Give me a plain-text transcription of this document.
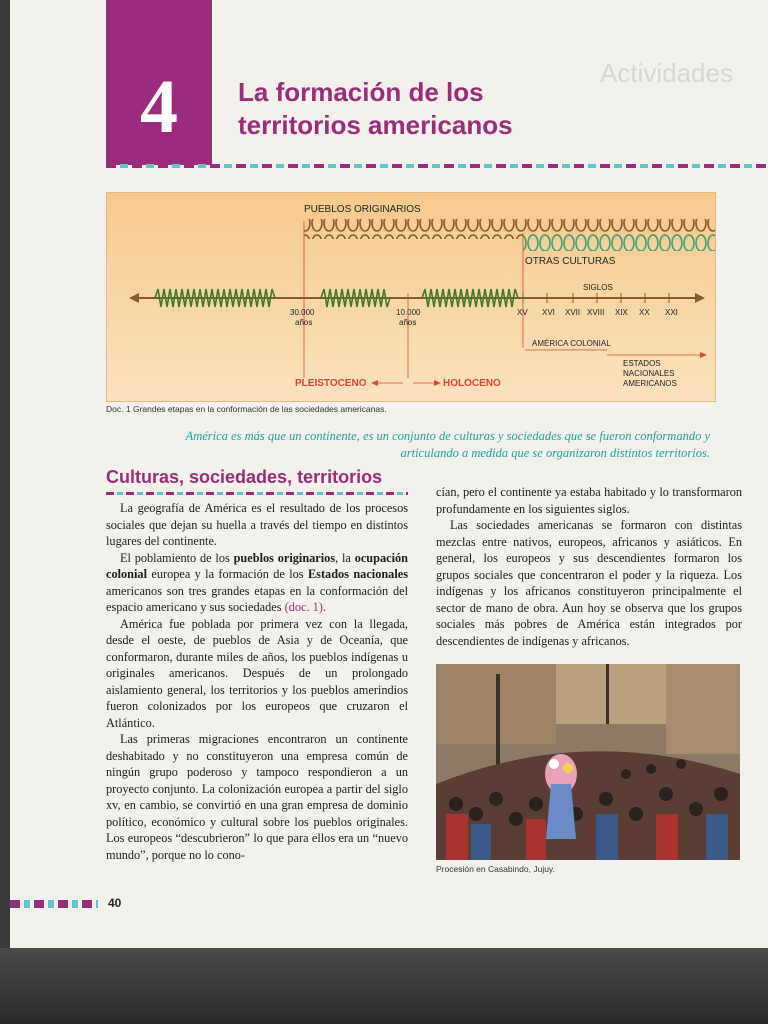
4	Actividades
La formación de los
territorios americanos
PUEBLOS ORIGINARIOS
OTRAS CULTURAS
SIGLOS
30.000
años
10.000
años
XV XVI XVII XVIII XIX XX XXI
AMÉRICA COLONIAL
ESTADOS
NACIONALES
AMERICANOS
PLEISTOCENO	HOLOCENO
Doc. 1 Grandes etapas en la conformación de las sociedades americanas.
América es más que un continente, es un conjunto de culturas y sociedades que se fueron conformando y
articulando a medida que se organizaron distintos territorios.
Culturas, sociedades, territorios

La geografía de América es el resultado de los procesos sociales que dejan su huella a través del tiempo en distintos lugares del continente.

El poblamiento de los pueblos originarios, la ocupación colonial europea y la formación de los Estados nacionales americanos son tres grandes etapas en la conformación del espacio americano y sus sociedades (doc. 1).

América fue poblada por primera vez con la llegada, desde el oeste, de pueblos de Asia y de Oceanía, que conformaron, durante miles de años, los pueblos indígenas u originales americanos. Después de un prolongado aislamiento general, los territorios y los pueblos amerindios fueron colonizados por los europeos que cruzaron el Atlántico.

Las primeras migraciones encontraron un continente deshabitado y no constituyeron una empresa común de ningún grupo poderoso y tampoco respondieron a un proyecto conjunto. La colonización europea a partir del siglo xv, en cambio, se convirtió en una gran empresa de dominio político, económico y cultural sobre los pueblos originales. Los europeos “descubrieron” lo que para ellos era un “nuevo mundo”, porque no lo cono-

cían, pero el continente ya estaba habitado y lo transformaron profundamente en los siguientes siglos.

Las sociedades americanas se formaron con distintas mezclas entre nativos, europeos, africanos y asiáticos. En general, los europeos y sus descendientes formaron los grupos sociales que concentraron el poder y la riqueza. Los indígenas y los africanos constituyeron principalmente el sector de mano de obra. Aun hoy se observa que los grupos sociales más pobres de América están integrados por descendientes de indígenas y africanos.

Procesión en Casabindo, Jujuy.
40
